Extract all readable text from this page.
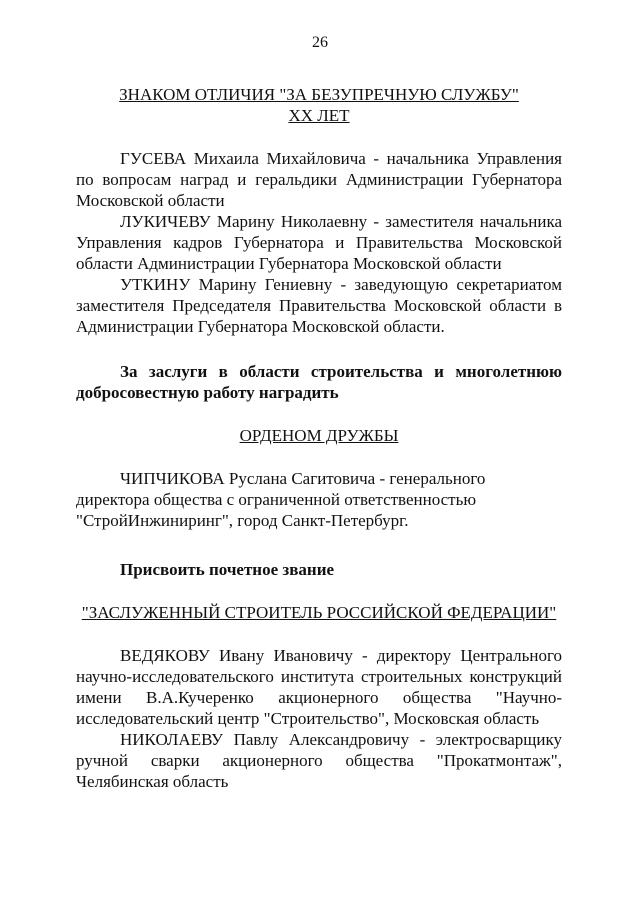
26

ЗНАКОМ ОТЛИЧИЯ "ЗА БЕЗУПРЕЧНУЮ СЛУЖБУ"

XX ЛЕТ

ГУСЕВА Михаила Михайловича - начальника Управления по вопросам наград и геральдики Администрации Губернатора Московской области

ЛУКИЧЕВУ Марину Николаевну - заместителя начальника Управления кадров Губернатора и Правительства Московской области Администрации Губернатора Московской области

УТКИНУ Марину Гениевну - заведующую секретариатом заместителя Председателя Правительства Московской области в Администрации Губернатора Московской области.

За заслуги в области строительства и многолетнюю добросовестную работу наградить

ОРДЕНОМ ДРУЖБЫ

ЧИПЧИКОВА Руслана Сагитовича - генерального директора общества с ограниченной ответственностью "СтройИнжиниринг", город Санкт-Петербург.

Присвоить почетное звание

"ЗАСЛУЖЕННЫЙ СТРОИТЕЛЬ РОССИЙСКОЙ ФЕДЕРАЦИИ"

ВЕДЯКОВУ Ивану Ивановичу - директору Центрального научно-исследовательского института строительных конструкций имени В.А.Кучеренко акционерного общества "Научно-исследовательский центр "Строительство", Московская область

НИКОЛАЕВУ Павлу Александровичу - электросварщику ручной сварки акционерного общества "Прокатмонтаж", Челябинская область
